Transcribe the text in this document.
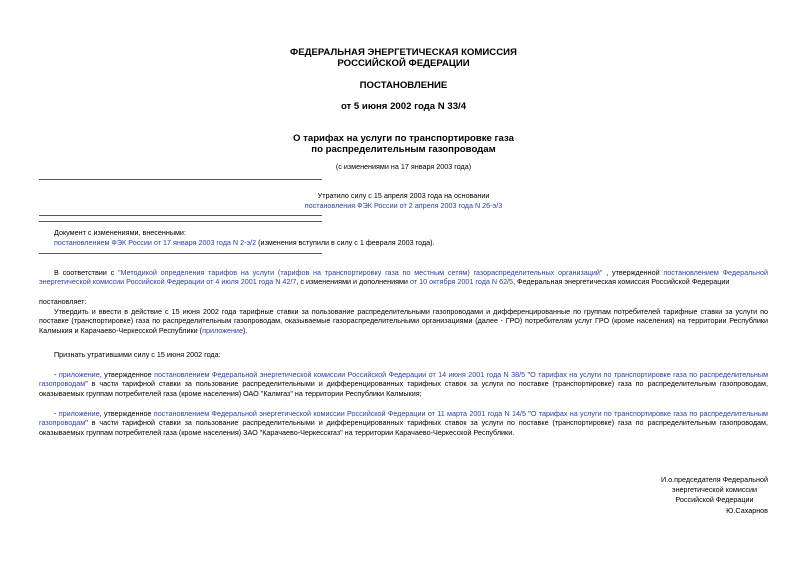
ФЕДЕРАЛЬНАЯ ЭНЕРГЕТИЧЕСКАЯ КОМИССИЯ
РОССИЙСКОЙ ФЕДЕРАЦИИ
ПОСТАНОВЛЕНИЕ
от 5 июня 2002 года N 33/4
О тарифах на услуги по транспортировке газа
по распределительным газопроводам
(с изменениями на 17 января 2003 года)
Утратило силу с 15 апреля 2003 года на основании
постановления ФЭК России от 2 апреля 2003 года N 26-э/3
Документ с изменениями, внесенными:
постановлением ФЭК России от 17 января 2003 года N 2-э/2 (изменения вступили в силу с 1 февраля 2003 года).
В соответствии с "Методикой определения тарифов на услуги (тарифов на транспортировку газа по местным сетям) газораспределительных организаций" , утвержденной постановлением Федеральной энергетической комиссии Российской Федерации от 4 июля 2001 года N 42/7, с изменениями и дополнениями от 10 октября 2001 года N 62/5, Федеральная энергетическая комиссия Российской Федерации
постановляет:
Утвердить и ввести в действие с 15 июня 2002 года тарифные ставки за пользование распределительными газопроводами и дифференцированные по группам потребителей тарифные ставки за услуги по поставке (транспортировке) газа по распределительным газопроводам, оказываемые газораспределительными организациями (далее - ГРО) потребителям услуг ГРО (кроме населения) на территории Республики Калмыкия и Карачаево-Черкесской Республики (приложение).
Признать утратившими силу с 15 июня 2002 года:
- приложение, утвержденное постановлением Федеральной энергетической комиссии Российской Федерации от 14 июня 2001 года N 38/5 "О тарифах на услуги по транспортировке газа по распределительным газопроводам" в части тарифной ставки за пользование распределительными и дифференцированных тарифных ставок за услуги по поставке (транспортировке) газа по распределительным газопроводам, оказываемых группам потребителей газа (кроме населения) ОАО "Калмгаз" на территории Республики Калмыкия;
- приложение, утвержденное постановлением Федеральной энергетической комиссии Российской Федерации от 11 марта 2001 года N 14/5 "О тарифах на услуги по транспортировке газа по распределительным газопроводам" в части тарифной ставки за пользование распределительными и дифференцированных тарифных ставок за услуги по поставке (транспортировке) газа по распределительным газопроводам, оказываемых группам потребителей газа (кроме населения) ЗАО "Карачаево-Черкесскгаз" на территории Карачаево-Черкесской Республики.
И.о.председателя Федеральной
энергетической комиссии
Российской Федерации
Ю.Сахарнов
